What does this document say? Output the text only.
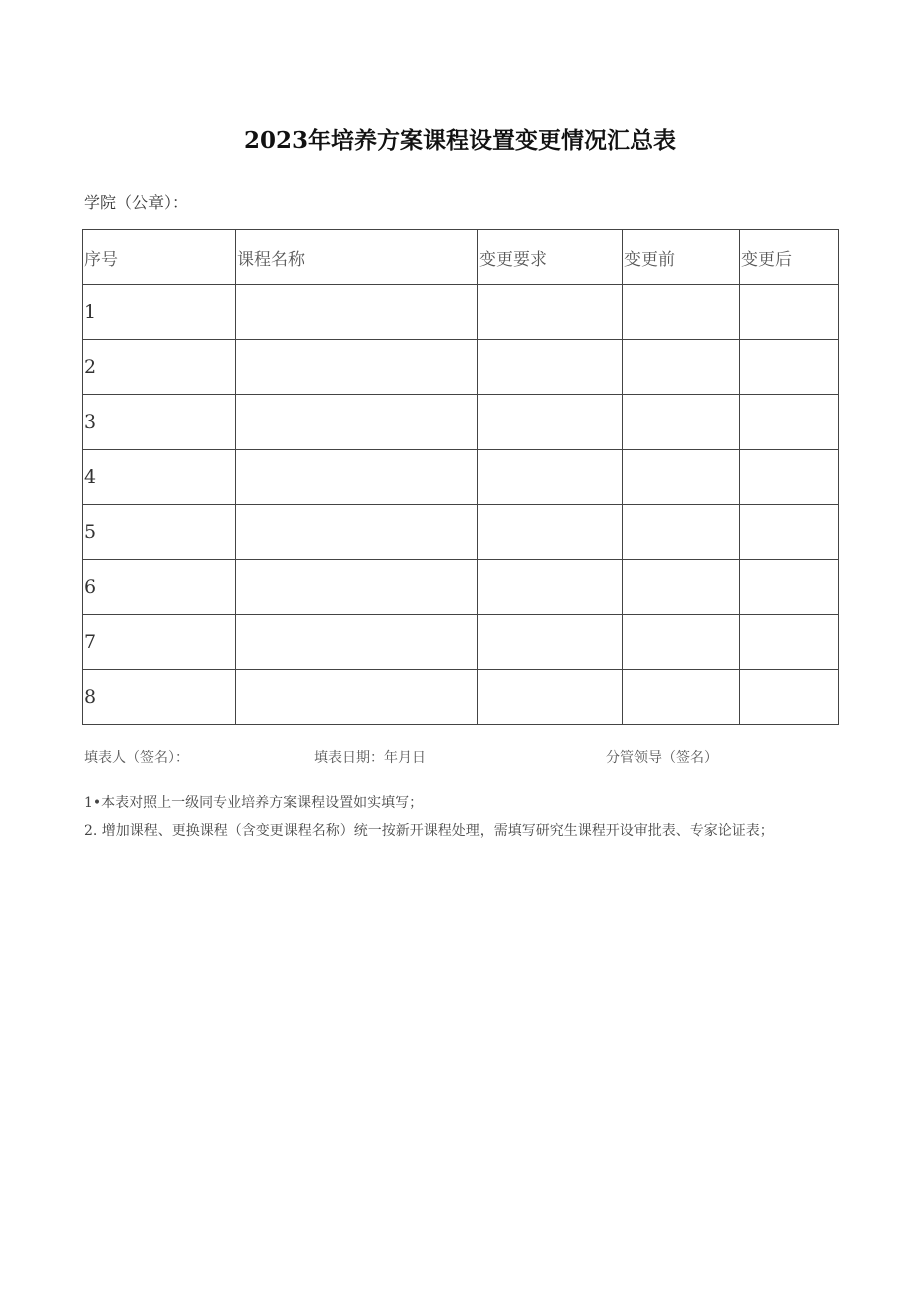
2023年培养方案课程设置变更情况汇总表
学院（公章）：
序号	课程名称	变更要求	变更前	变更后
1				
2				
3				
4				
5				
6				
7				
8				
填表人（签名）：	填表日期：年月日	分管领导（签名）
1•本表对照上一级同专业培养方案课程设置如实填写；
2. 增加课程、更换课程（含变更课程名称）统一按新开课程处理，需填写研究生课程开设审批表、专家论证表；
